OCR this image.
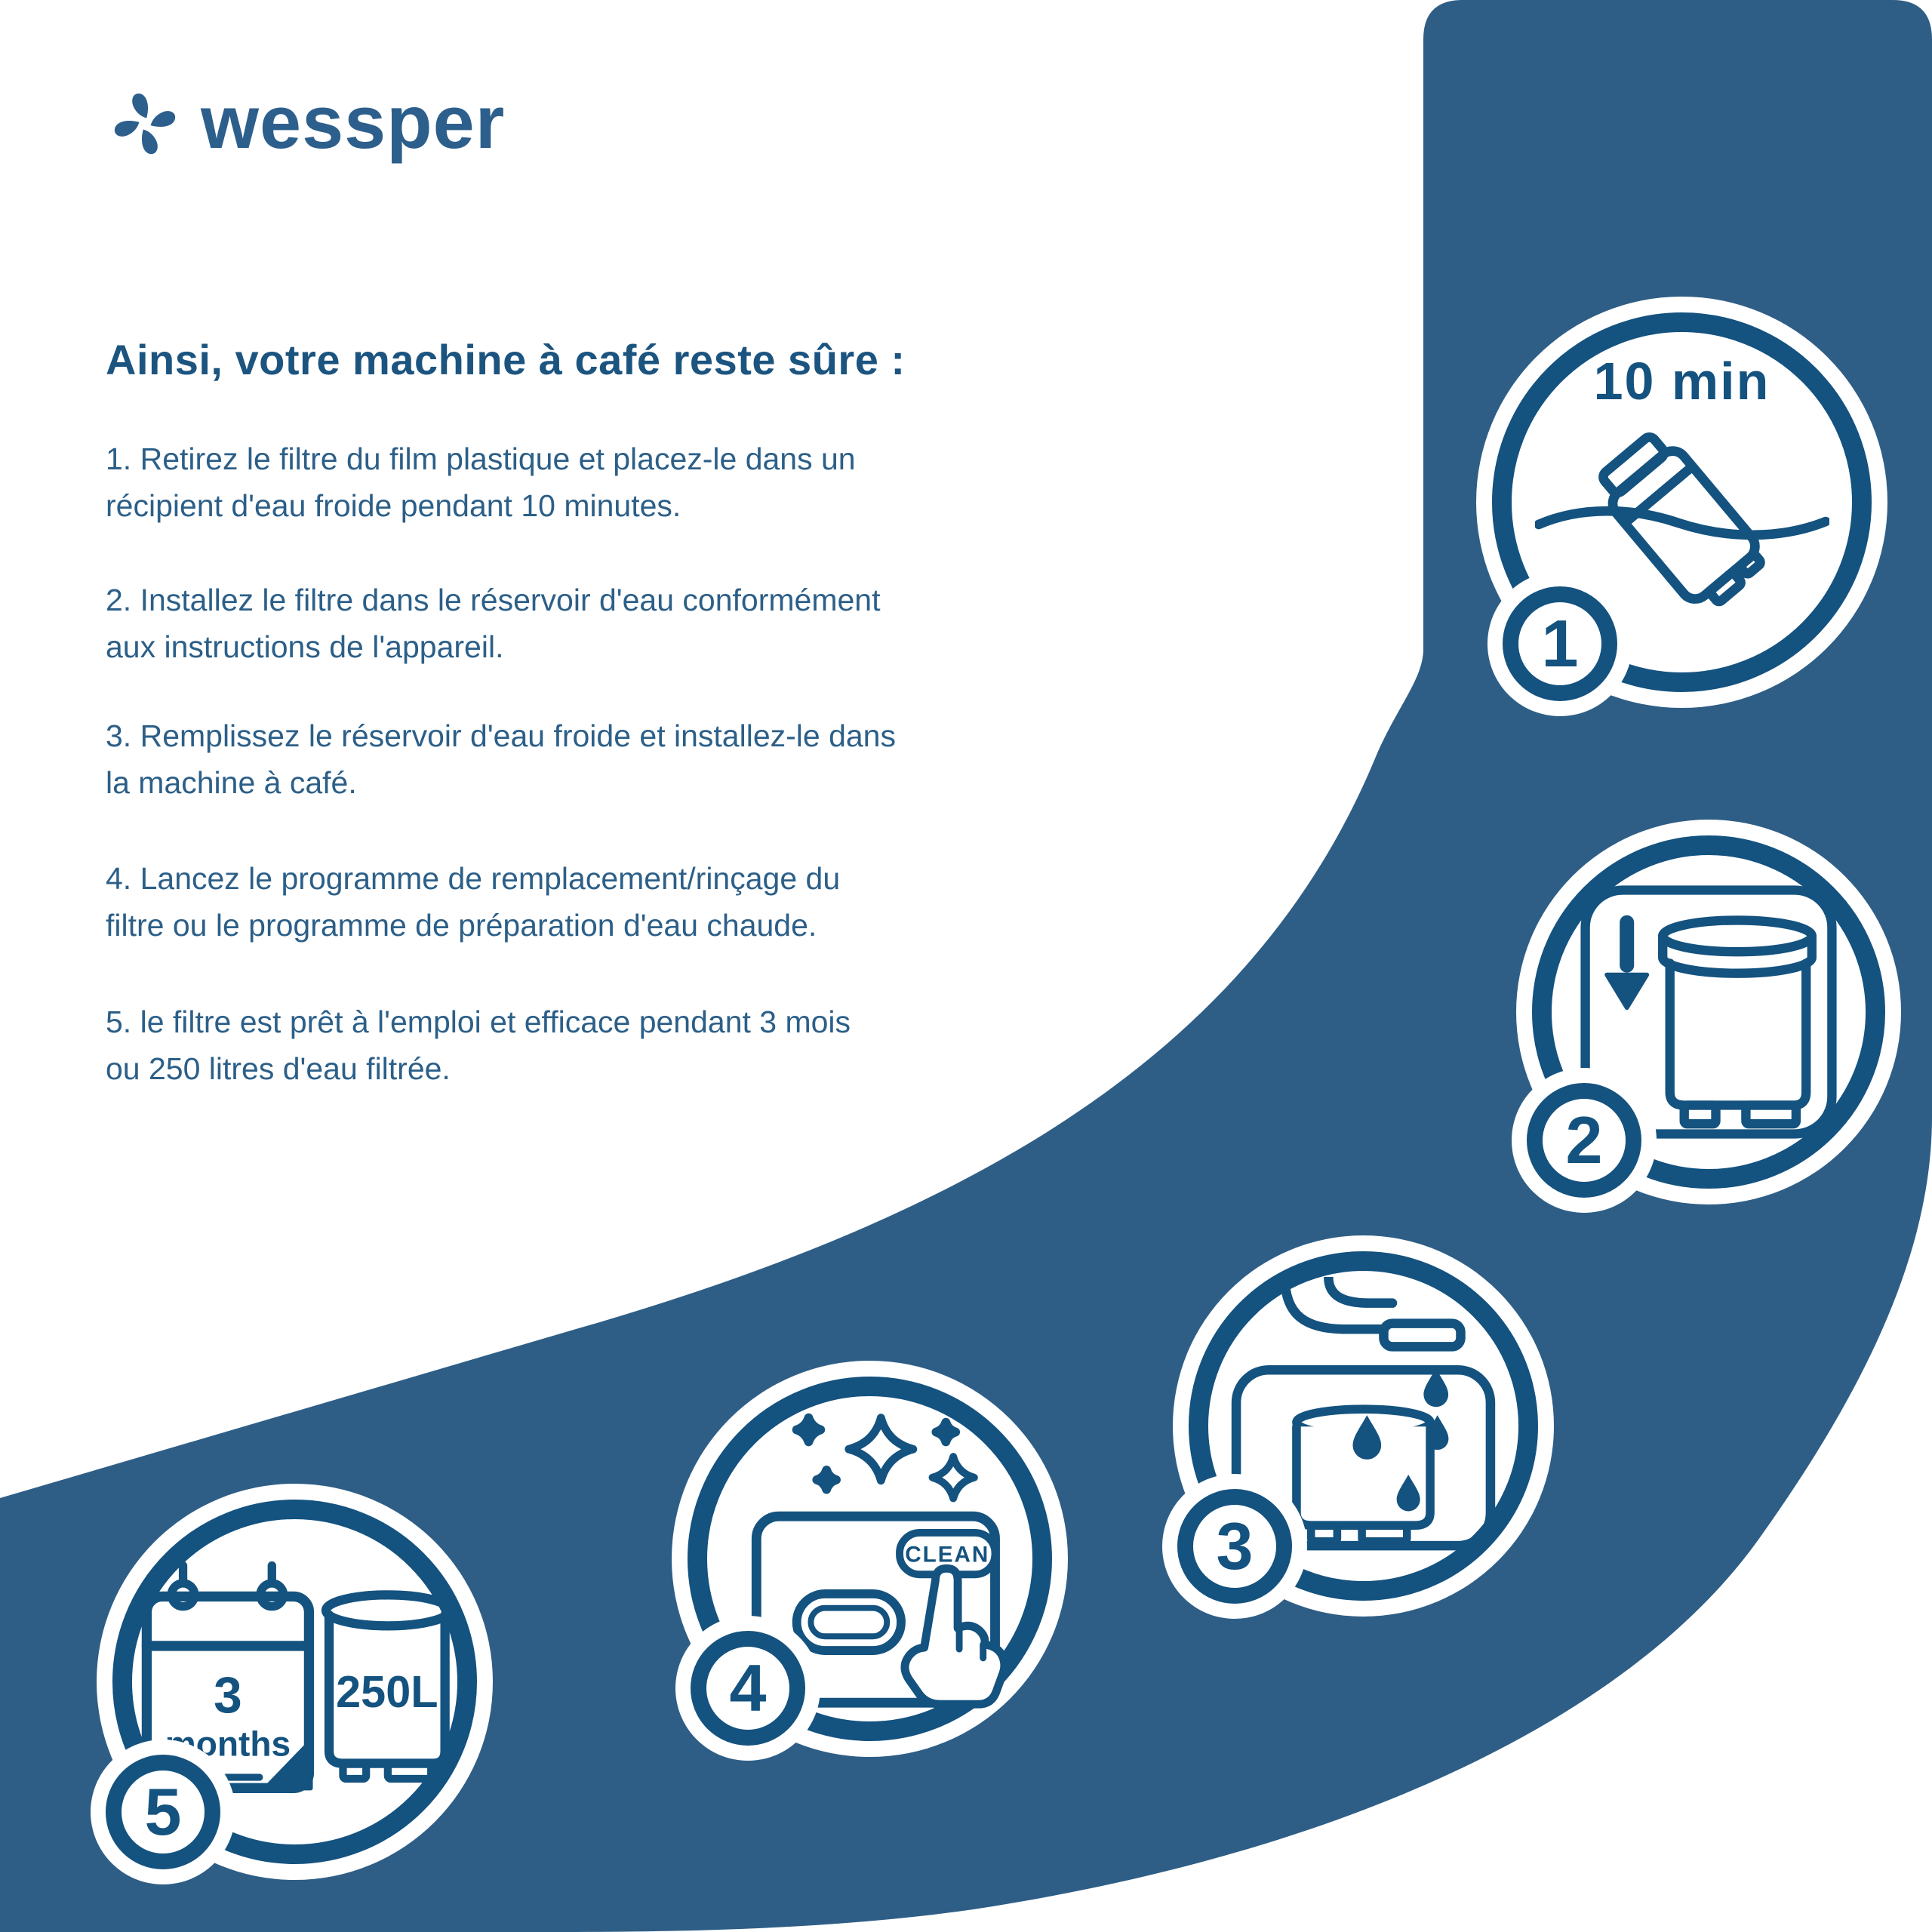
wessper
Ainsi, votre machine à café reste sûre :
1. Retirez le filtre du film plastique et placez-le dans un
récipient d'eau froide pendant 10 minutes.
2. Installez le filtre dans le réservoir d'eau conformément
aux instructions de l'appareil.
3. Remplissez le réservoir d'eau froide et installez-le dans
la machine à café.
4. Lancez le programme de remplacement/rinçage du
filtre ou le programme de préparation d'eau chaude.
5. le filtre est prêt à l'emploi et efficace pendant 3 mois
ou 250 litres d'eau filtrée.
10 min
1
2
3
CLEAN
4
3
months
250L
5
